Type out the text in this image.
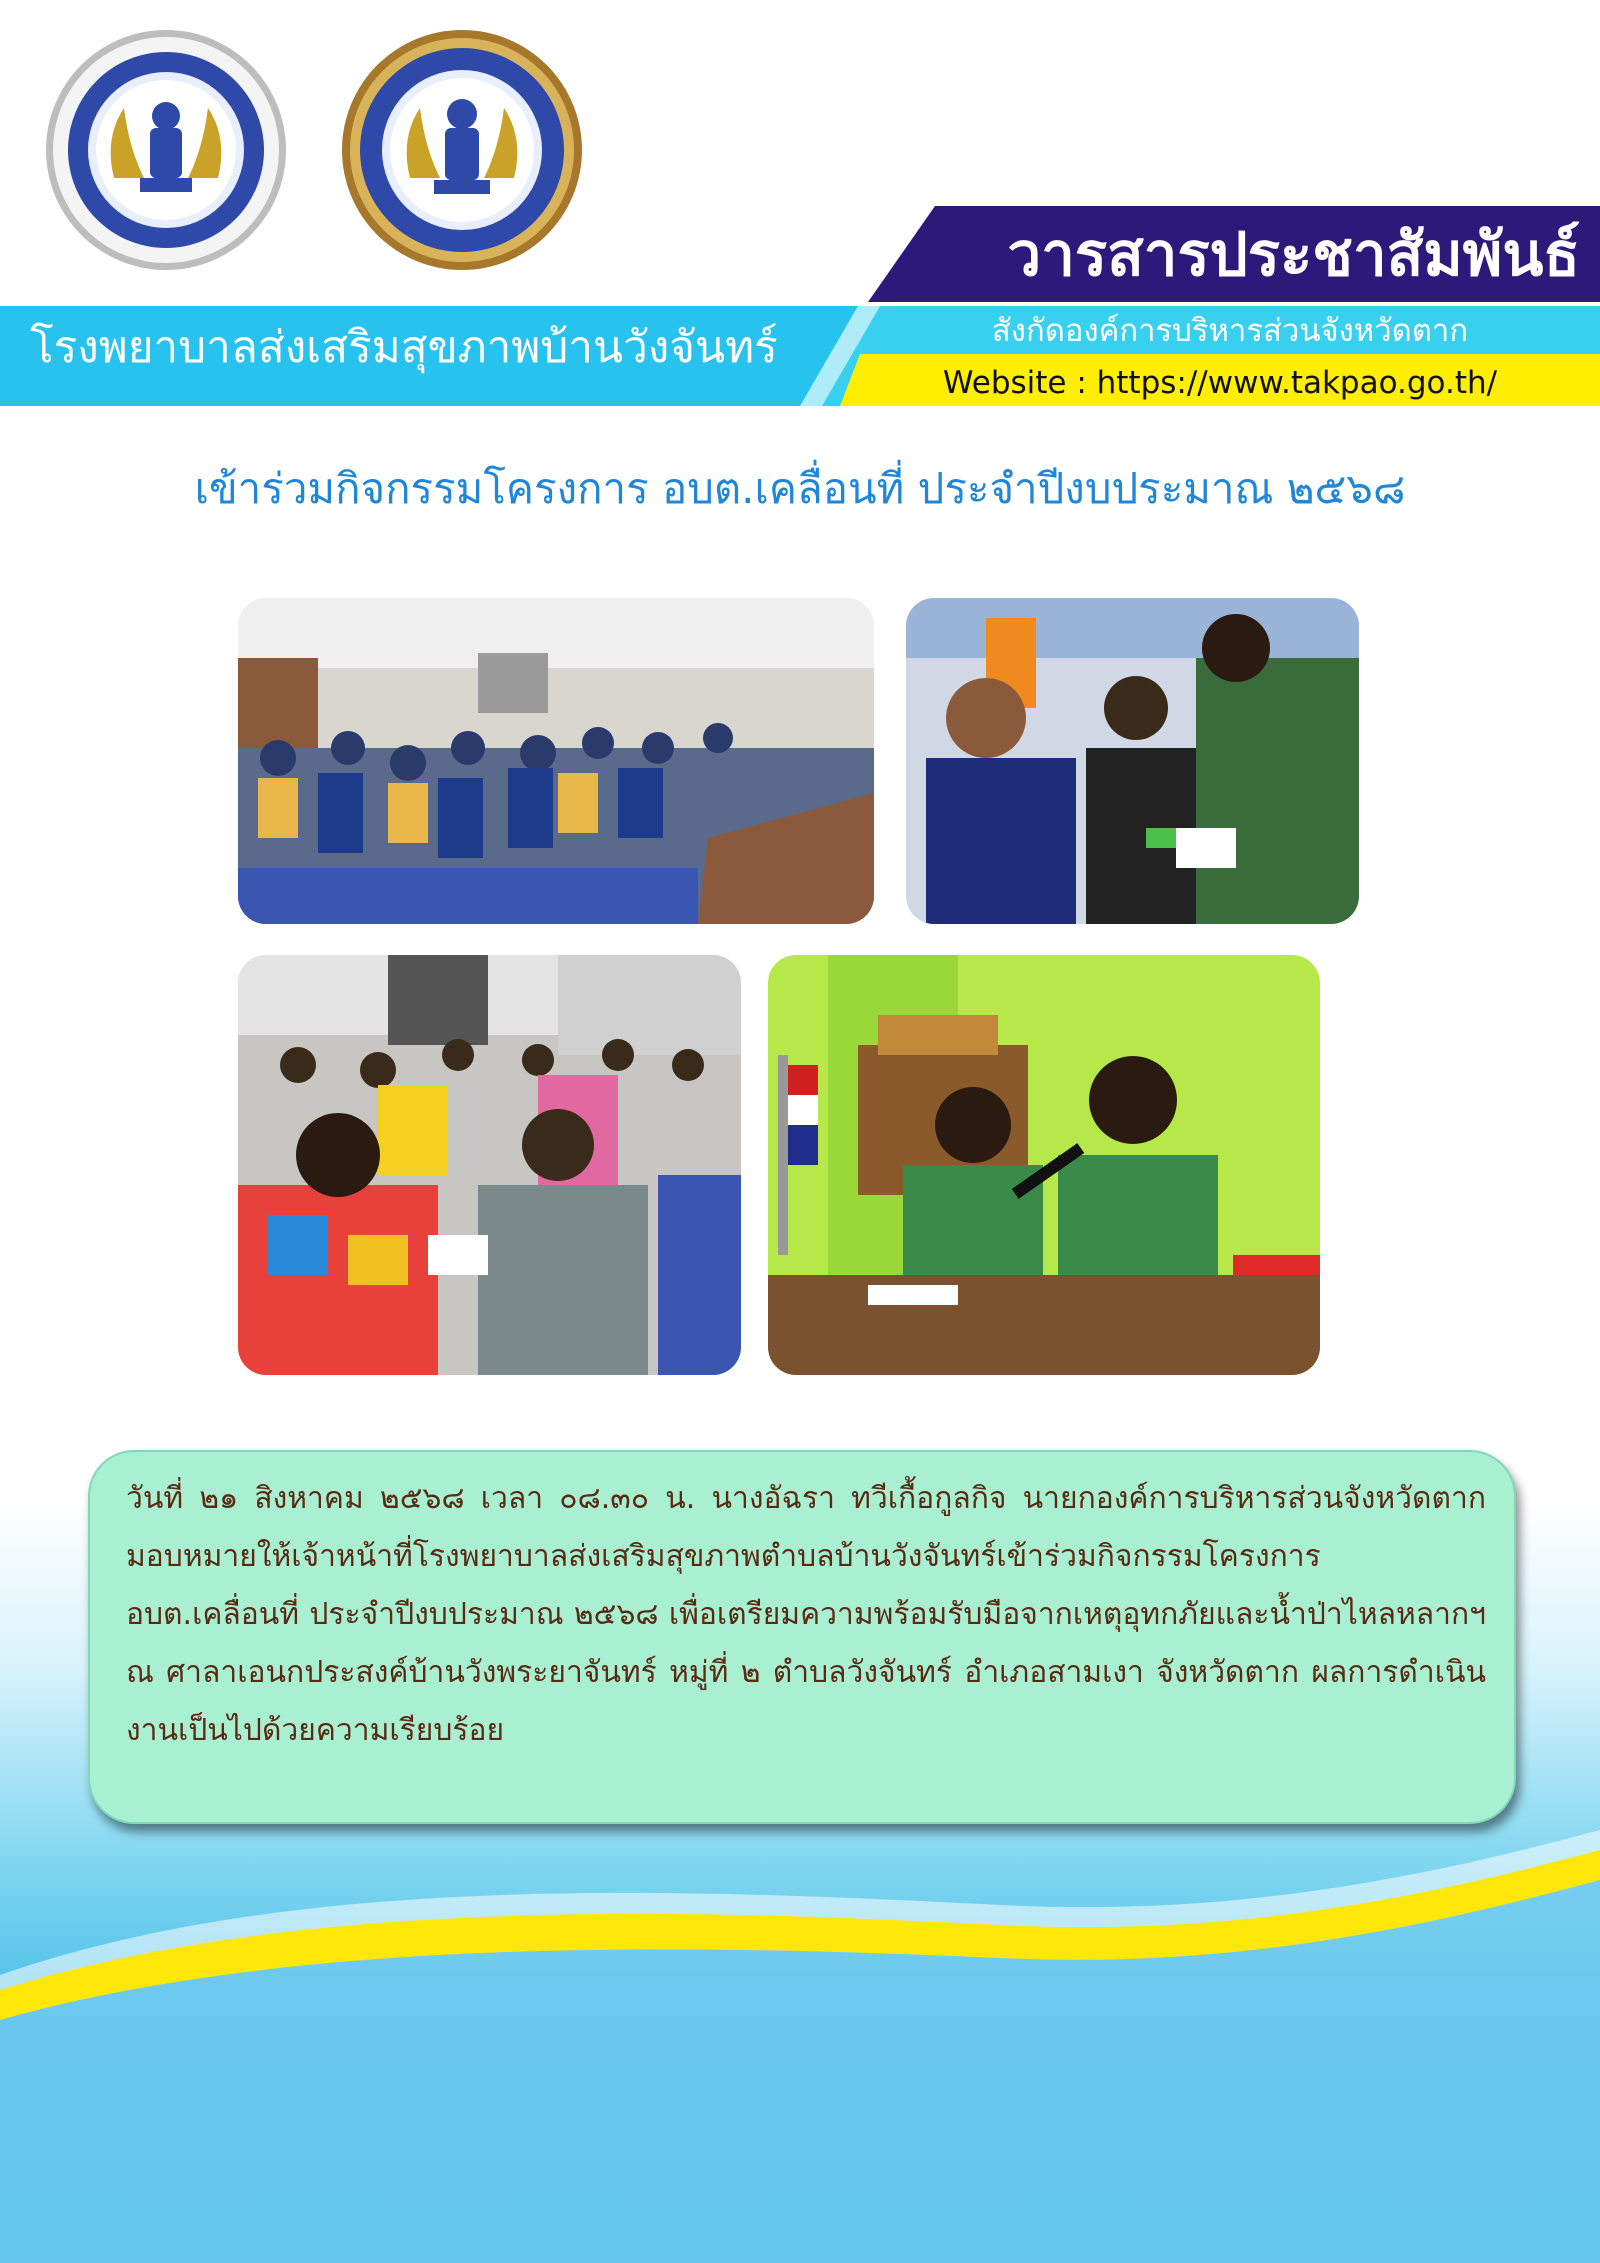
วารสารประชาสัมพันธ์
โรงพยาบาลส่งเสริมสุขภาพบ้านวังจันทร์	สังกัดองค์การบริหารส่วนจังหวัดตาก
Website : https://www.takpao.go.th/
เข้าร่วมกิจกรรมโครงการ อบต.เคลื่อนที่ ประจำปีงบประมาณ ๒๕๖๘
วันที่ ๒๑ สิงหาคม ๒๕๖๘ เวลา ๐๘.๓๐ น. นางอัฉรา ทวีเกื้อกูลกิจ นายกองค์การบริหารส่วนจังหวัดตาก มอบหมายให้เจ้าหน้าที่โรงพยาบาลส่งเสริมสุขภาพตำบลบ้านวังจันทร์เข้าร่วมกิจกรรมโครงการ อบต.เคลื่อนที่ ประจำปีงบประมาณ ๒๕๖๘ เพื่อเตรียมความพร้อมรับมือจากเหตุอุทกภัยและน้ำป่าไหลหลากฯ ณ ศาลาเอนกประสงค์บ้านวังพระยาจันทร์ หมู่ที่ ๒ ตำบลวังจันทร์ อำเภอสามเงา จังหวัดตาก ผลการดำเนินงานเป็นไปด้วยความเรียบร้อย
